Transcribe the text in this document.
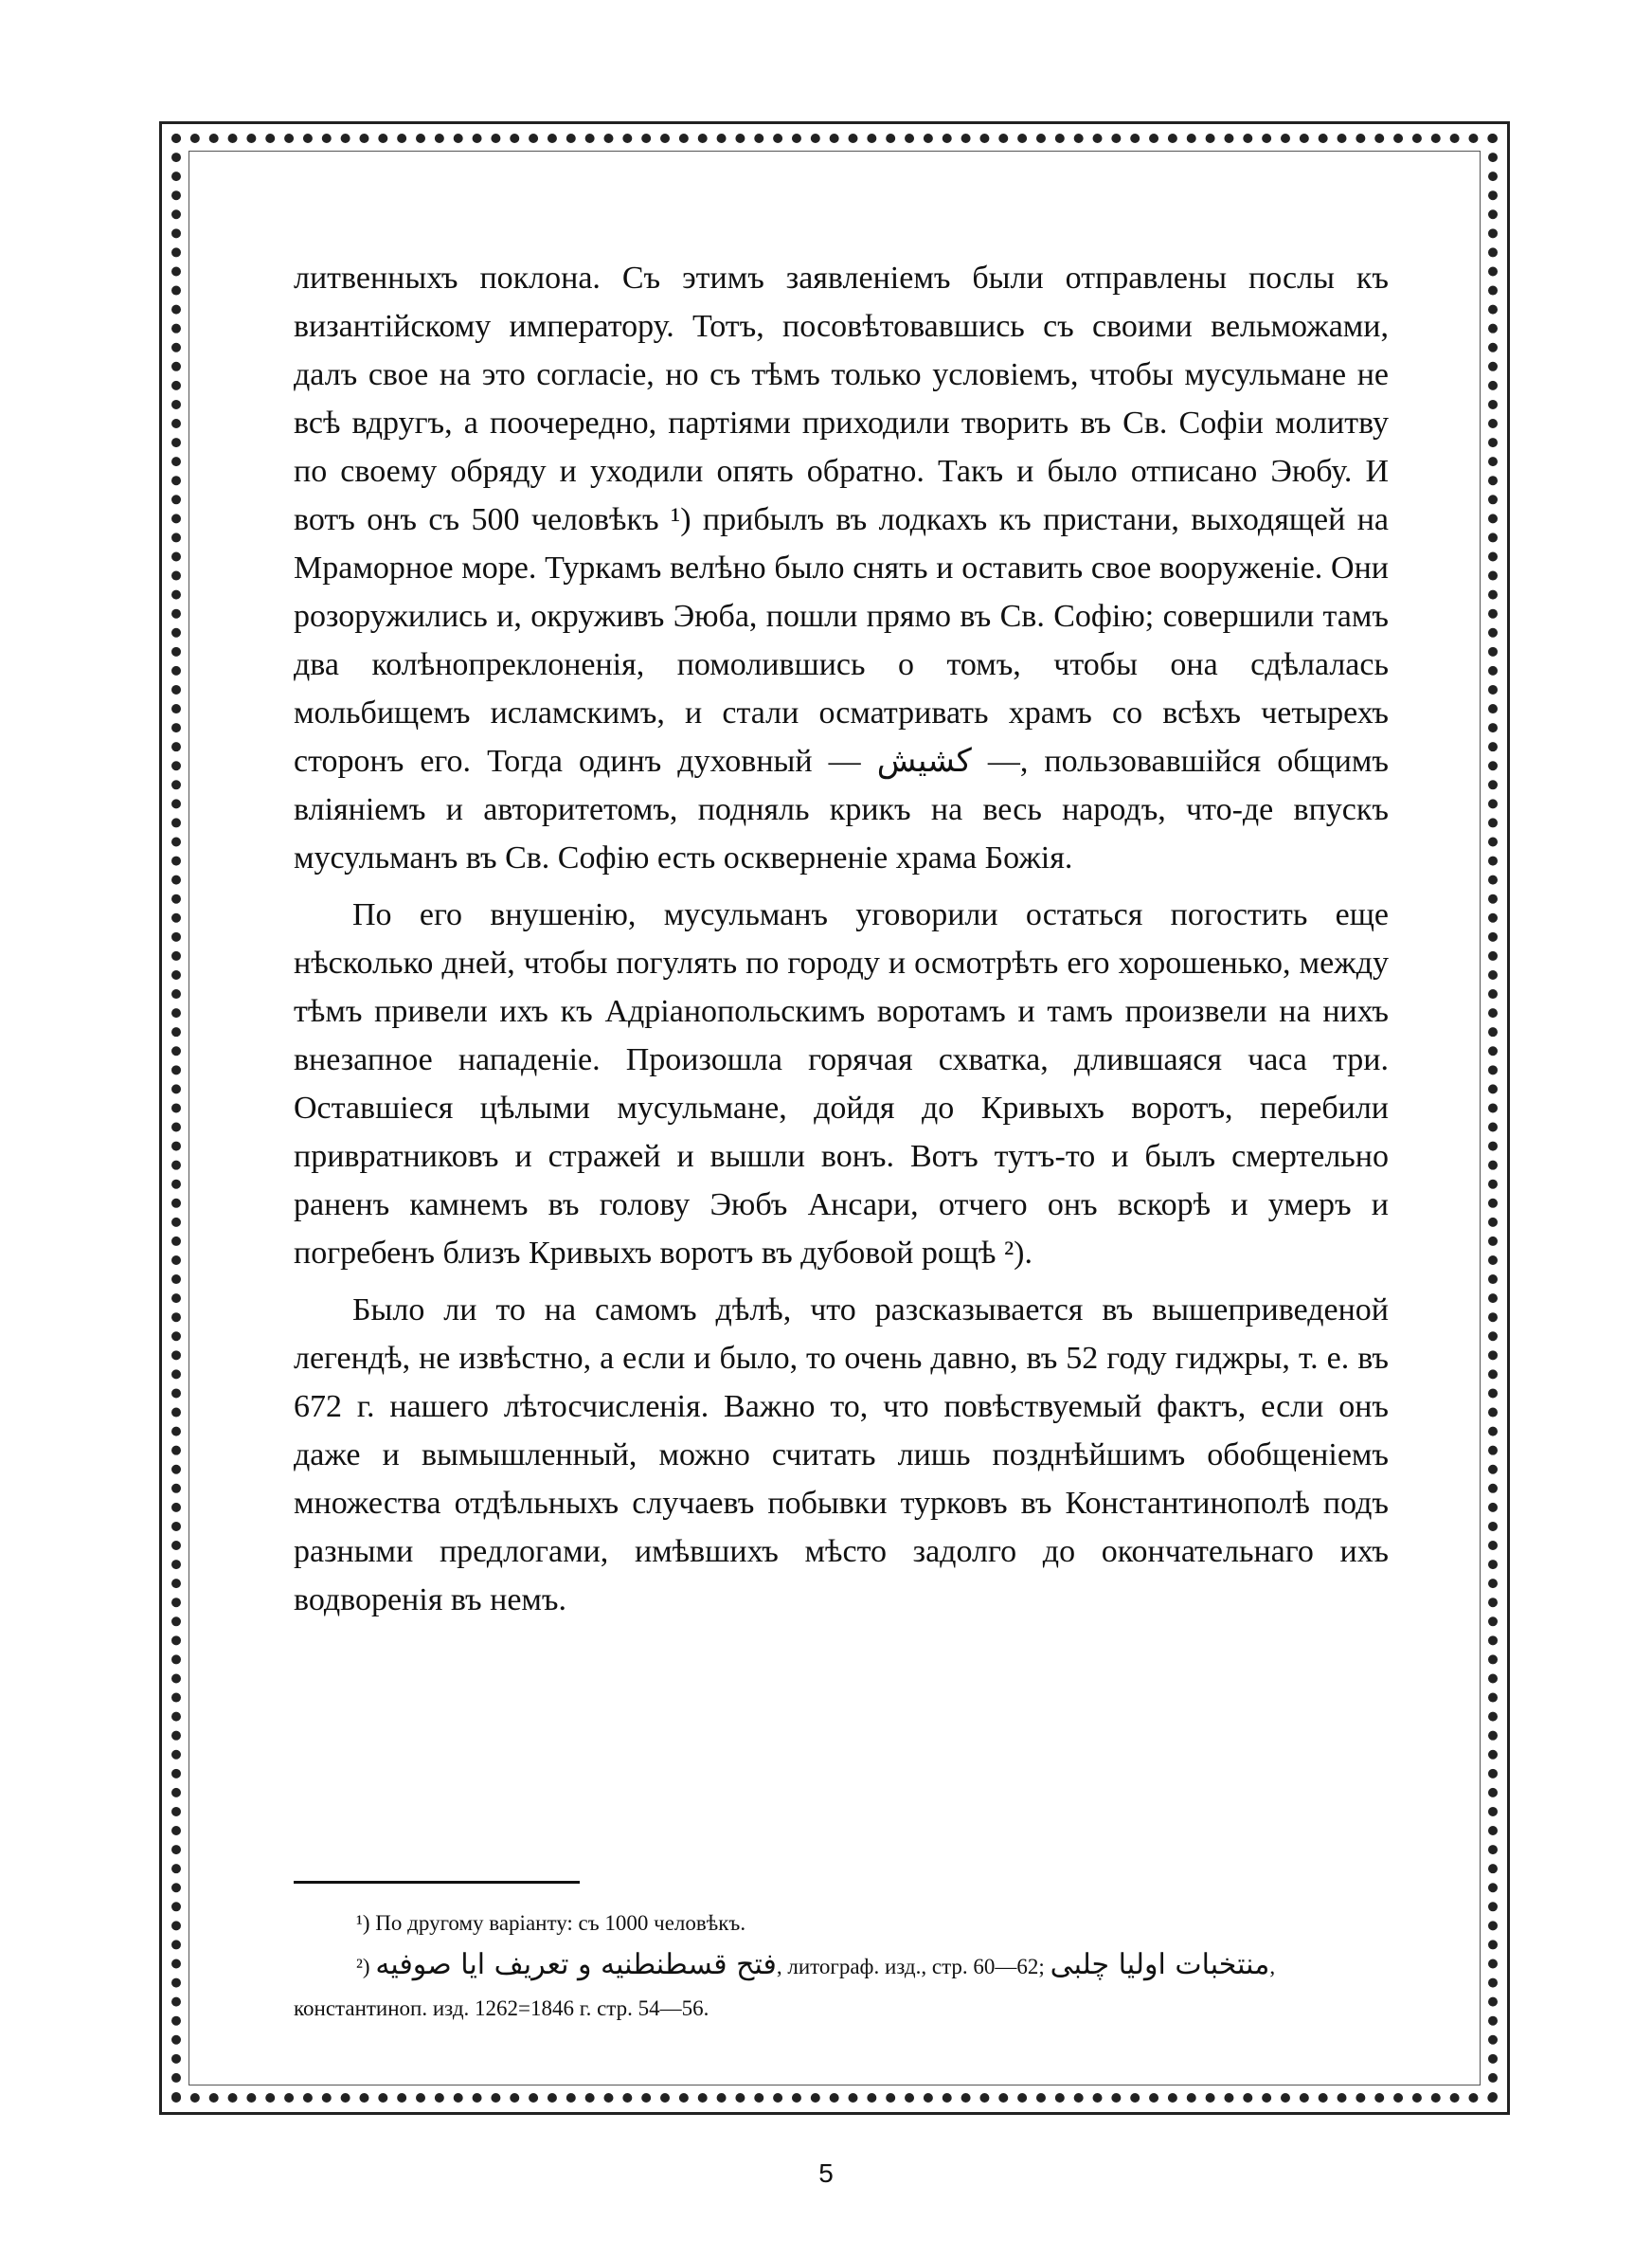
литвенныхъ поклона. Съ этимъ заявленіемъ были отправлены послы къ византійскому императору. Тотъ, посовѣтовавшись съ своими вельможами, далъ свое на это согласіе, но съ тѣмъ только условіемъ, чтобы мусульмане не всѣ вдругъ, а поочередно, партіями приходили творить въ Св. Софіи молитву по своему обряду и уходили опять обратно. Такъ и было отписано Эюбу. И вотъ онъ съ 500 человѣкъ ¹) прибылъ въ лодкахъ къ пристани, выходящей на Мраморное море. Туркамъ велѣно было снять и оставить свое вооруженіе. Они розоружились и, окруживъ Эюба, пошли прямо въ Св. Софію; совершили тамъ два колѣнопреклоненія, помолившись о томъ, чтобы она сдѣлалась мольбищемъ исламскимъ, и стали осматривать храмъ со всѣхъ четырехъ сторонъ его. Тогда одинъ духовный — كشيش —, пользовавшійся общимъ вліяніемъ и авторитетомъ, подняль крикъ на весь народъ, что-де впускъ мусульманъ въ Св. Софію есть оскверненіе храма Божія.

По его внушенію, мусульманъ уговорили остаться погостить еще нѣсколько дней, чтобы погулять по городу и осмотрѣть его хорошенько, между тѣмъ привели ихъ къ Адріанопольскимъ воротамъ и тамъ произвели на нихъ внезапное нападеніе. Произошла горячая схватка, длившаяся часа три. Оставшіеся цѣлыми мусульмане, дойдя до Кривыхъ воротъ, перебили привратниковъ и стражей и вышли вонъ. Вотъ тутъ-то и былъ смертельно раненъ камнемъ въ голову Эюбъ Ансари, отчего онъ вскорѣ и умеръ и погребенъ близъ Кривыхъ воротъ въ дубовой рощѣ ²).

Было ли то на самомъ дѣлѣ, что разсказывается въ вышеприведеной легендѣ, не извѣстно, а если и было, то очень давно, въ 52 году гиджры, т. е. въ 672 г. нашего лѣтосчисленія. Важно то, что повѣствуемый фактъ, если онъ даже и вымышленный, можно считать лишь позднѣйшимъ обобщеніемъ множества отдѣльныхъ случаевъ побывки турковъ въ Константинополѣ подъ разными предлогами, имѣвшихъ мѣсто задолго до окончательнаго ихъ водворенія въ немъ.

¹) По другому варіанту: съ 1000 человѣкъ.

²) فتح قسطنطنيه و تعريف ايا صوفيه, литограф. изд., стр. 60—62; منتخبات اوليا چلبى,

константиноп. изд. 1262=1846 г. стр. 54—56.

5
